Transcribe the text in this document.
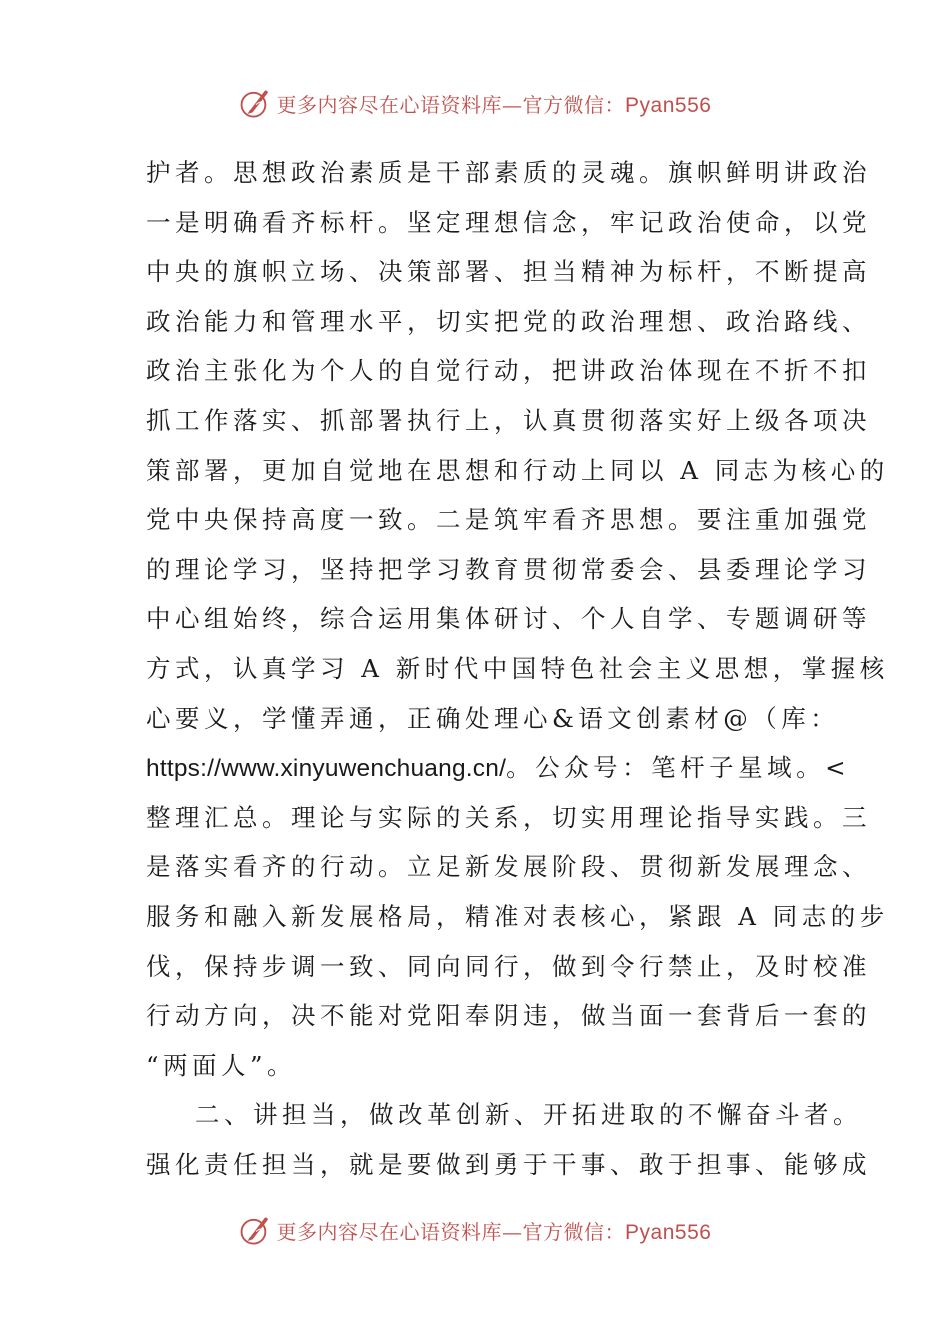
更多内容尽在心语资料库—官方微信：Pyan556
护者。思想政治素质是干部素质的灵魂。旗帜鲜明讲政治
一是明确看齐标杆。坚定理想信念，牢记政治使命，以党
中央的旗帜立场、决策部署、担当精神为标杆，不断提高
政治能力和管理水平，切实把党的政治理想、政治路线、
政治主张化为个人的自觉行动，把讲政治体现在不折不扣
抓工作落实、抓部署执行上，认真贯彻落实好上级各项决
策部署，更加自觉地在思想和行动上同以 A 同志为核心的
党中央保持高度一致。二是筑牢看齐思想。要注重加强党
的理论学习，坚持把学习教育贯彻常委会、县委理论学习
中心组始终，综合运用集体研讨、个人自学、专题调研等
方式，认真学习 A 新时代中国特色社会主义思想，掌握核
心要义，学懂弄通，正确处理心&语文创素材@（库：
https://www.xinyuwenchuang.cn/。公众号：笔杆子星域。<
整理汇总。理论与实际的关系，切实用理论指导实践。三
是落实看齐的行动。立足新发展阶段、贯彻新发展理念、
服务和融入新发展格局，精准对表核心，紧跟 A 同志的步
伐，保持步调一致、同向同行，做到令行禁止，及时校准
行动方向，决不能对党阳奉阴违，做当面一套背后一套的
“两面人”。
二、讲担当，做改革创新、开拓进取的不懈奋斗者。
强化责任担当，就是要做到勇于干事、敢于担事、能够成
更多内容尽在心语资料库—官方微信：Pyan556
